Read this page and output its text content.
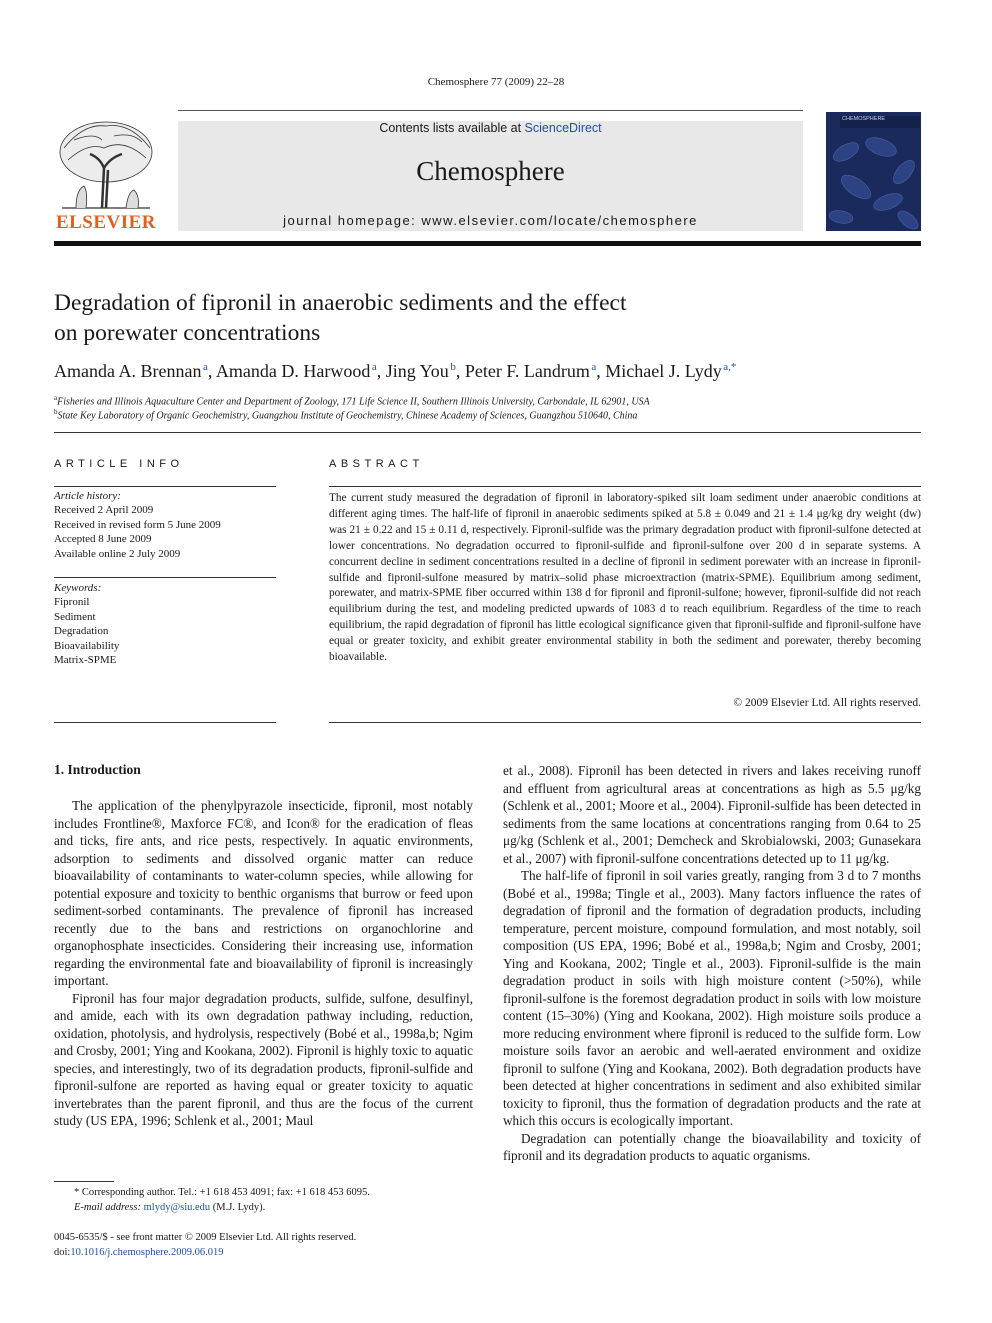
Chemosphere 77 (2009) 22–28
ELSEVIER
Contents lists available at ScienceDirect
Chemosphere
journal homepage: www.elsevier.com/locate/chemosphere
CHEMOSPHERE
Degradation of fipronil in anaerobic sediments and the effect
on porewater concentrations
Amanda A. Brennan  $^a$, Amanda D. Harwood  $^a$, Jing You  $^b$, Peter F. Landrum  $^a$, Michael J. Lydy  $^{a,*}$
$^a$Fisheries and Illinois Aquaculture Center and Department of Zoology, 171 Life Science II, Southern Illinois University, Carbondale, IL 62901, USA
$^b$State Key Laboratory of Organic Geochemistry, Guangzhou Institute of Geochemistry, Chinese Academy of Sciences, Guangzhou 510640, China
ARTICLE INFO	ABSTRACT
Article history:
Received 2 April 2009
Received in revised form 5 June 2009
Accepted 8 June 2009
Available online 2 July 2009
Keywords:
Fipronil
Sediment
Degradation
Bioavailability
Matrix-SPME
The current study measured the degradation of fipronil in laboratory-spiked silt loam sediment under anaerobic conditions at different aging times. The half-life of fipronil in anaerobic sediments spiked at 5.8 ± 0.049 and 21 ± 1.4 μg/kg dry weight (dw) was 21 ± 0.22 and 15 ± 0.11 d, respectively. Fipronil-sulfide was the primary degradation product with fipronil-sulfone detected at lower concentrations. No degradation occurred to fipronil-sulfide and fipronil-sulfone over 200 d in separate systems. A concurrent decline in sediment concentrations resulted in a decline of fipronil in sediment porewater with an increase in fipronil-sulfide and fipronil-sulfone measured by matrix–solid phase microextraction (matrix-SPME). Equilibrium among sediment, porewater, and matrix-SPME fiber occurred within 138 d for fipronil and fipronil-sulfone; however, fipronil-sulfide did not reach equilibrium during the test, and modeling predicted upwards of 1083 d to reach equilibrium. Regardless of the time to reach equilibrium, the rapid degradation of fipronil has little ecological significance given that fipronil-sulfide and fipronil-sulfone have equal or greater toxicity, and exhibit greater environmental stability in both the sediment and porewater, thereby becoming bioavailable.
© 2009 Elsevier Ltd. All rights reserved.
1. Introduction

The application of the phenylpyrazole insecticide, fipronil, most notably includes Frontline®, Maxforce FC®, and Icon® for the eradication of fleas and ticks, fire ants, and rice pests, respectively. In aquatic environments, adsorption to sediments and dissolved organic matter can reduce bioavailability of contaminants to water-column species, while allowing for potential exposure and toxicity to benthic organisms that burrow or feed upon sediment-sorbed contaminants. The prevalence of fipronil has increased recently due to the bans and restrictions on organochlorine and organophosphate insecticides. Considering their increasing use, information regarding the environmental fate and bioavailability of fipronil is increasingly important.

Fipronil has four major degradation products, sulfide, sulfone, desulfinyl, and amide, each with its own degradation pathway including, reduction, oxidation, photolysis, and hydrolysis, respectively (Bobé et al., 1998a,b; Ngim and Crosby, 2001; Ying and Kookana, 2002). Fipronil is highly toxic to aquatic species, and interestingly, two of its degradation products, fipronil-sulfide and fipronil-sulfone are reported as having equal or greater toxicity to aquatic invertebrates than the parent fipronil, and thus are the focus of the current study (US EPA, 1996; Schlenk et al., 2001; Maul

et al., 2008). Fipronil has been detected in rivers and lakes receiving runoff and effluent from agricultural areas at concentrations as high as 5.5 μg/kg (Schlenk et al., 2001; Moore et al., 2004). Fipronil-sulfide has been detected in sediments from the same locations at concentrations ranging from 0.64 to 25 μg/kg (Schlenk et al., 2001; Demcheck and Skrobialowski, 2003; Gunasekara et al., 2007) with fipronil-sulfone concentrations detected up to 11 μg/kg.

The half-life of fipronil in soil varies greatly, ranging from 3 d to 7 months (Bobé et al., 1998a; Tingle et al., 2003). Many factors influence the rates of degradation of fipronil and the formation of degradation products, including temperature, percent moisture, compound formulation, and most notably, soil composition (US EPA, 1996; Bobé et al., 1998a,b; Ngim and Crosby, 2001; Ying and Kookana, 2002; Tingle et al., 2003). Fipronil-sulfide is the main degradation product in soils with high moisture content (>50%), while fipronil-sulfone is the foremost degradation product in soils with low moisture content (15–30%) (Ying and Kookana, 2002). High moisture soils produce a more reducing environment where fipronil is reduced to the sulfide form. Low moisture soils favor an aerobic and well-aerated environment and oxidize fipronil to sulfone (Ying and Kookana, 2002). Both degradation products have been detected at higher concentrations in sediment and also exhibited similar toxicity to fipronil, thus the formation of degradation products and the rate at which this occurs is ecologically important.

Degradation can potentially change the bioavailability and toxicity of fipronil and its degradation products to aquatic organisms.

* Corresponding author. Tel.: +1 618 453 4091; fax: +1 618 453 6095.
E-mail address: mlydy@siu.edu (M.J. Lydy).
0045-6535/$ - see front matter © 2009 Elsevier Ltd. All rights reserved.
doi:10.1016/j.chemosphere.2009.06.019
